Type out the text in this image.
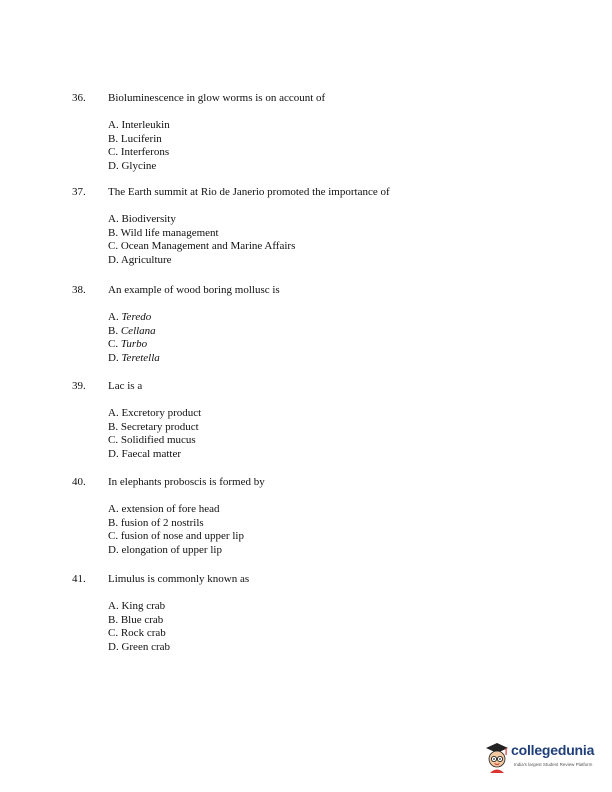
36. Bioluminescence in glow worms is on account of
A. Interleukin
B. Luciferin
C. Interferons
D. Glycine
37. The Earth summit at Rio de Janerio promoted the importance of
A. Biodiversity
B. Wild life management
C. Ocean Management and Marine Affairs
D. Agriculture
38. An example of wood boring mollusc is
A. Teredo
B. Cellana
C. Turbo
D. Teretella
39. Lac is a
A. Excretory product
B. Secretary product
C. Solidified mucus
D. Faecal matter
40. In elephants proboscis is formed by
A. extension of fore head
B. fusion of 2 nostrils
C. fusion of nose and upper lip
D. elongation of upper lip
41. Limulus is commonly known as
A. King crab
B. Blue crab
C. Rock crab
D. Green crab
collegedunia
India's largest Student Review Platform
